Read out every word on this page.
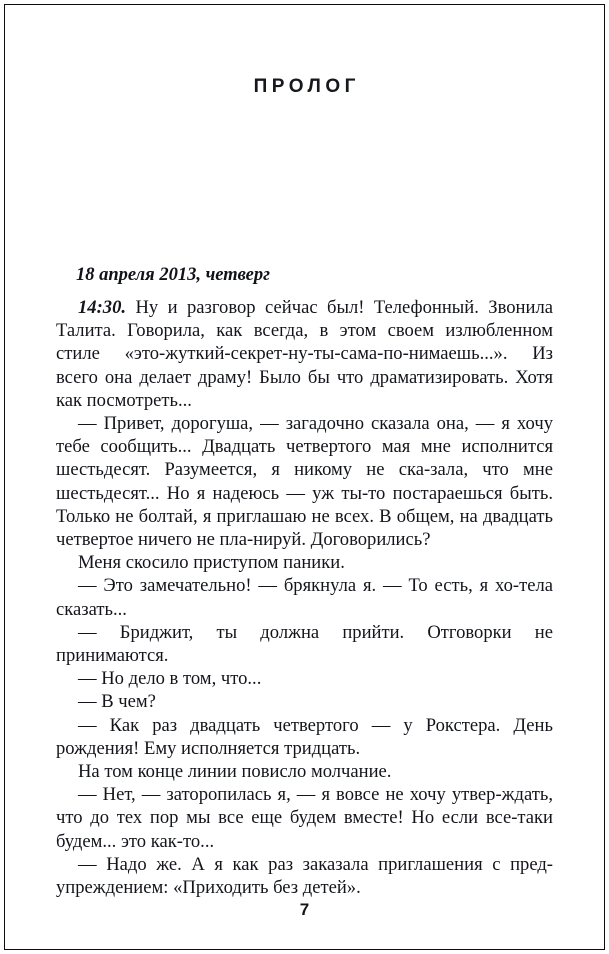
ПРОЛОГ
18 апреля 2013, четверг

14:30. Ну и разговор сейчас был! Телефонный. Звонила Талита. Говорила, как всегда, в этом своем излюбленном стиле «это-жуткий-секрет-ну-ты-сама-по-нимаешь...». Из всего она делает драму! Было бы что драматизировать. Хотя как посмотреть...

— Привет, дорогуша, — загадочно сказала она, — я хочу тебе сообщить... Двадцать четвертого мая мне исполнится шестьдесят. Разумеется, я никому не ска-зала, что мне шестьдесят... Но я надеюсь — уж ты-то постараешься быть. Только не болтай, я приглашаю не всех. В общем, на двадцать четвертое ничего не пла-нируй. Договорились?

Меня скосило приступом паники.

— Это замечательно! — брякнула я. — То есть, я хо-тела сказать...

— Бриджит, ты должна прийти. Отговорки не принимаются.

— Но дело в том, что...

— В чем?

— Как раз двадцать четвертого — у Рокстера. День рождения! Ему исполняется тридцать.

На том конце линии повисло молчание.

— Нет, — заторопилась я, — я вовсе не хочу утвер-ждать, что до тех пор мы все еще будем вместе! Но если все-таки будем... это как-то...

— Надо же. А я как раз заказала приглашения с пред-упреждением: «Приходить без детей».

7
